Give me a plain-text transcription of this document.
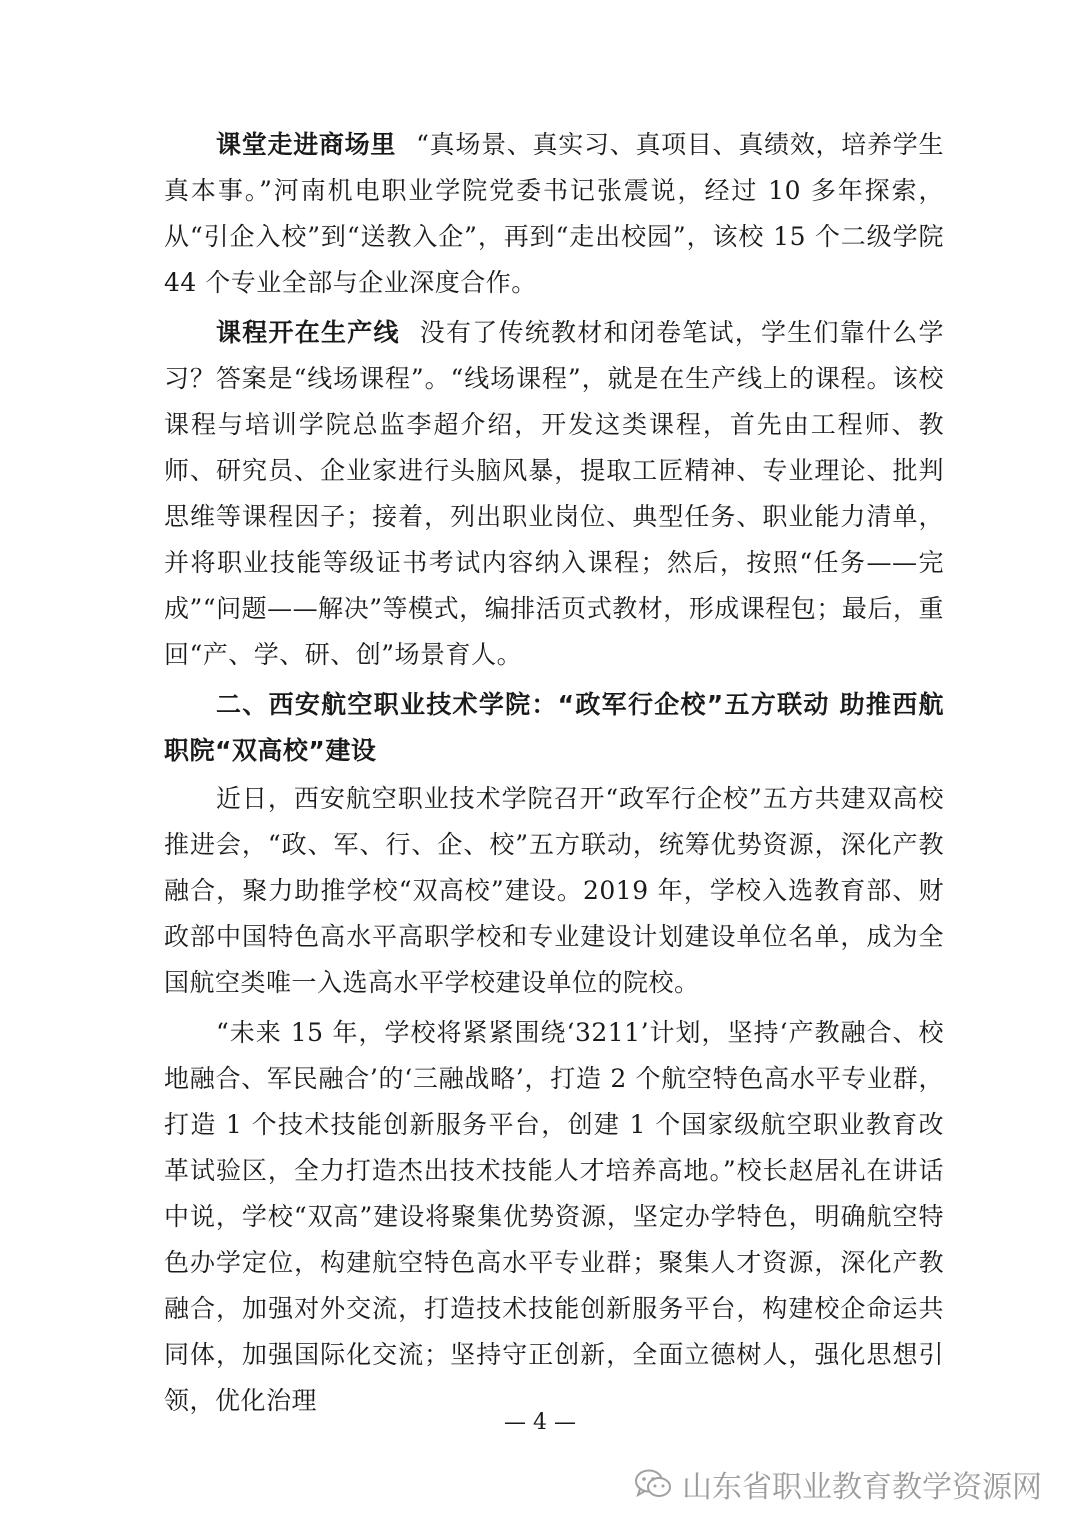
课堂走进商场里 “真场景、真实习、真项目、真绩效，培养学生真本事。”河南机电职业学院党委书记张震说，经过 10 多年探索，从“引企入校”到“送教入企”，再到“走出校园”，该校 15 个二级学院 44 个专业全部与企业深度合作。

课程开在生产线 没有了传统教材和闭卷笔试，学生们靠什么学习？答案是“线场课程”。“线场课程”，就是在生产线上的课程。该校课程与培训学院总监李超介绍，开发这类课程，首先由工程师、教师、研究员、企业家进行头脑风暴，提取工匠精神、专业理论、批判思维等课程因子；接着，列出职业岗位、典型任务、职业能力清单，并将职业技能等级证书考试内容纳入课程；然后，按照“任务——完成”“问题——解决”等模式，编排活页式教材，形成课程包；最后，重回“产、学、研、创”场景育人。

二、西安航空职业技术学院：“政军行企校”五方联动 助推西航职院“双高校”建设

近日，西安航空职业技术学院召开“政军行企校”五方共建双高校推进会，“政、军、行、企、校”五方联动，统筹优势资源，深化产教融合，聚力助推学校“双高校”建设。2019 年，学校入选教育部、财政部中国特色高水平高职学校和专业建设计划建设单位名单，成为全国航空类唯一入选高水平学校建设单位的院校。

“未来 15 年，学校将紧紧围绕‘3211’计划，坚持‘产教融合、校地融合、军民融合’的‘三融战略’，打造 2 个航空特色高水平专业群，打造 1 个技术技能创新服务平台，创建 1 个国家级航空职业教育改革试验区，全力打造杰出技术技能人才培养高地。”校长赵居礼在讲话中说，学校“双高”建设将聚集优势资源，坚定办学特色，明确航空特色办学定位，构建航空特色高水平专业群；聚集人才资源，深化产教融合，加强对外交流，打造技术技能创新服务平台，构建校企命运共同体，加强国际化交流；坚持守正创新，全面立德树人，强化思想引领，优化治理

— 4 —
山东省职业教育教学资源网
